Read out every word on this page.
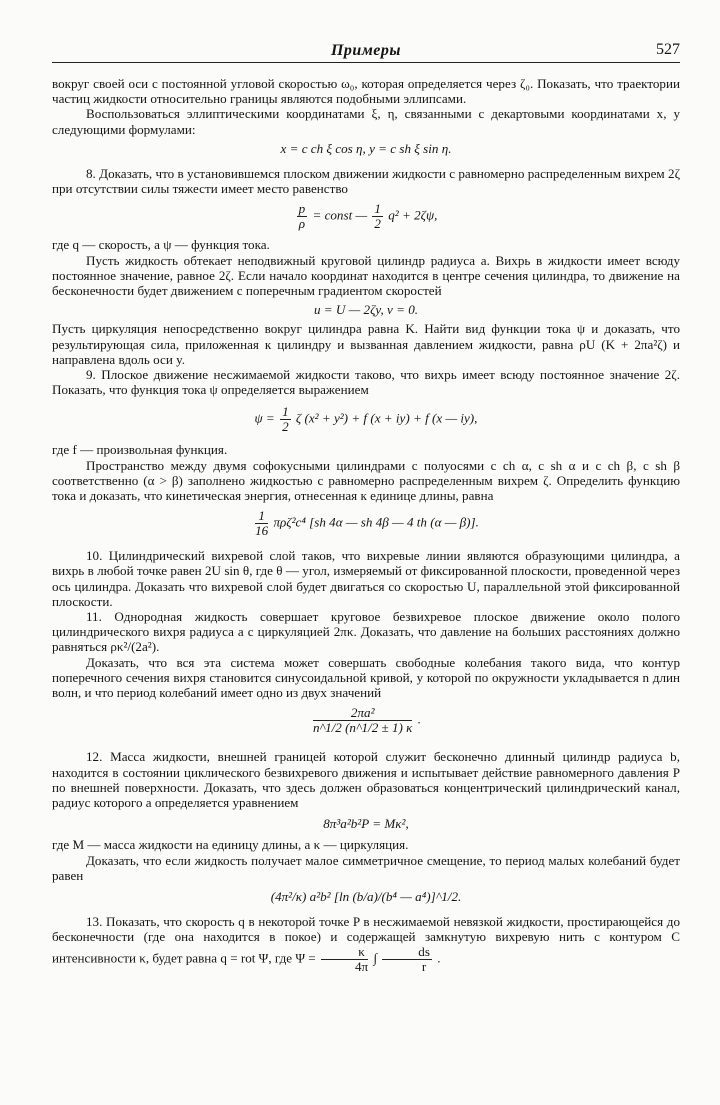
Примеры	527

вокруг своей оси с постоянной угловой скоростью ω₀, которая определяется через ζ₀. Показать, что траектории частиц жидкости относительно границы являются подобными эллипсами.

Воспользоваться эллиптическими координатами ξ, η, связанными с декартовыми координатами x, y следующими формулами:

x = c ch ξ cos η, y = c sh ξ sin η.

8. Доказать, что в установившемся плоском движении жидкости с равномерно распределенным вихрем 2ζ при отсутствии силы тяжести имеет место равенство

$\frac{p}{\rho}$ = const — $\frac{1}{2} q^2 + 2\zeta\psi$,

где q — скорость, а ψ — функция тока.

Пусть жидкость обтекает неподвижный круговой цилиндр радиуса a. Вихрь в жидкости имеет всюду постоянное значение, равное 2ζ. Если начало координат находится в центре сечения цилиндра, то движение на бесконечности будет движением с поперечным градиентом скоростей

u = U — 2ζy, v = 0.

Пусть циркуляция непосредственно вокруг цилиндра равна K. Найти вид функции тока ψ и доказать, что результирующая сила, приложенная к цилиндру и вызванная давлением жидкости, равна ρU (K + 2πa²ζ) и направлена вдоль оси y.

9. Плоское движение несжимаемой жидкости таково, что вихрь имеет всюду постоянное значение 2ζ. Показать, что функция тока ψ определяется выражением

$\psi = \frac{1}{2}$ ζ (x² + y²) + f (x + iy) + f (x — iy),

где f — произвольная функция.

Пространство между двумя софокусными цилиндрами с полуосями c ch α, c sh α и c ch β, c sh β соответственно (α > β) заполнено жидкостью с равномерно распределенным вихрем ζ. Определить функцию тока и доказать, что кинетическая энергия, отнесенная к единице длины, равна

$\frac{1}{16} \pi\rho\zeta^2c^4$ [sh 4α — sh 4β — 4 th (α — β)].

10. Цилиндрический вихревой слой таков, что вихревые линии являются образующими цилиндра, а вихрь в любой точке равен 2U sin θ, где θ — угол, измеряемый от фиксированной плоскости, проведенной через ось цилиндра. Доказать что вихревой слой будет двигаться со скоростью U, параллельной этой фиксированной плоскости.

11. Однородная жидкость совершает круговое безвихревое плоское движение около полого цилиндрического вихря радиуса a с циркуляцией 2πκ. Доказать, что давление на больших расстояниях должно равняться ρκ²/(2a²).

Доказать, что вся эта система может совершать свободные колебания такого вида, что контур поперечного сечения вихря становится синусоидальной кривой, у которой по окружности укладывается n длин волн, и что период колебаний имеет одно из двух значений

$\frac{\text{2πa²}}{n\^{}1/2 (n\^{}1/2 \pm 1) \kappa}$ .

12. Масса жидкости, внешней границей которой служит бесконечно длинный цилиндр радиуса b, находится в состоянии циклического безвихревого движения и испытывает действие равномерного давления P по внешней поверхности. Доказать, что здесь должен образоваться концентрический цилиндрический канал, радиус которого a определяется уравнением

8π³a²b²P = Mκ²,

где M — масса жидкости на единицу длины, а κ — циркуляция.

Доказать, что если жидкость получает малое симметричное смещение, то период малых колебаний будет равен

(4π²/κ) a²b² [ln (b/a)/(b⁴ — a⁴)]^1/2.

13. Показать, что скорость q в некоторой точке P в несжимаемой невязкой жидкости, простирающейся до бесконечности (где она находится в покое) и содержащей замкнутую вихревую нить с контуром C интенсивности κ, будет равна q = rot Ψ, где $\Psi = \frac{\kappa}{4\pi}$ ∫ $\frac{ds}{r}$ .
